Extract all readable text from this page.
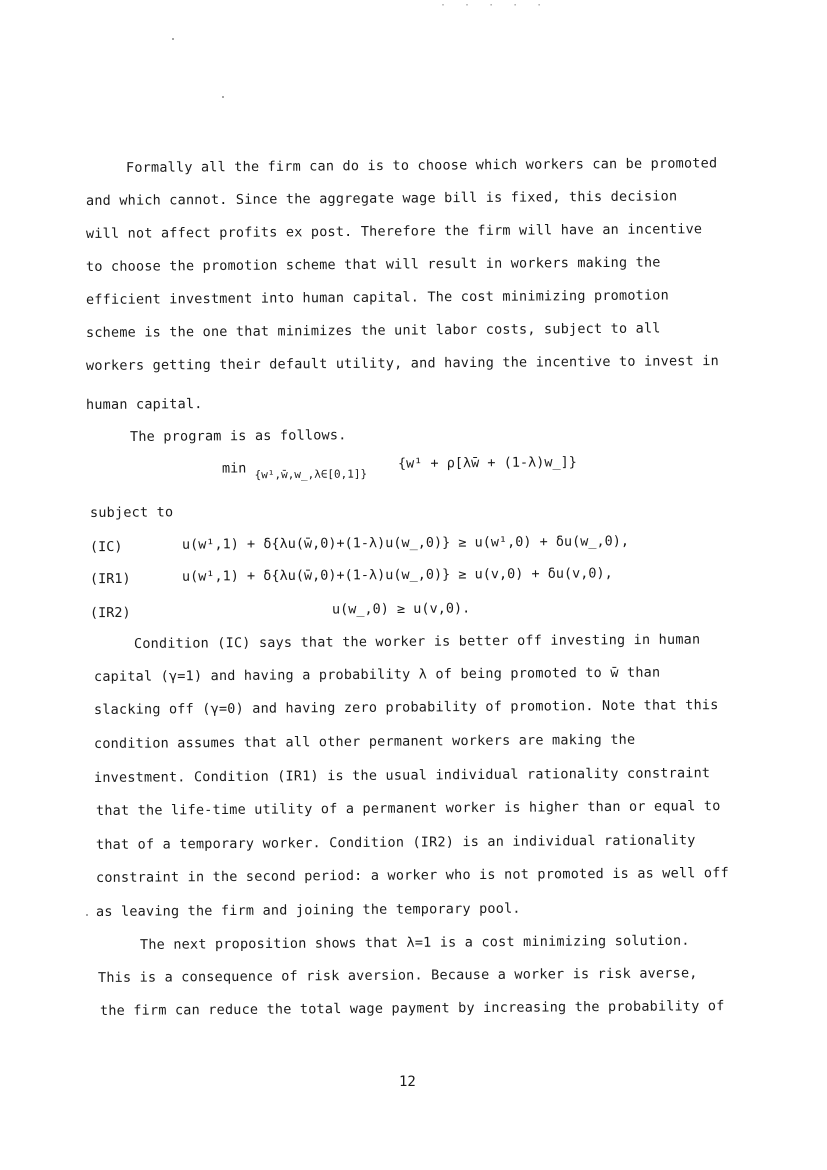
· · · · ·
Formally all the firm can do is to choose which workers can be promoted
and which cannot. Since the aggregate wage bill is fixed, this decision
will not affect profits ex post. Therefore the firm will have an incentive
to choose the promotion scheme that will result in workers making the
efficient investment into human capital. The cost minimizing promotion
scheme is the one that minimizes the unit labor costs, subject to all
workers getting their default utility, and having the incentive to invest in
human capital.
The program is as follows.
min $_{\{w^1,w̄,w̲,\lambda\in[0,1]\}}$
{w¹ + ρ[λw̄ + (1-λ)w̲]}
subject to
(IC)	u(w¹,1) + δ{λu(w̄,0)+(1-λ)u(w̲,0)} ≥ u(w¹,0) + δu(w̲,0),
(IR1)	u(w¹,1) + δ{λu(w̄,0)+(1-λ)u(w̲,0)} ≥ u(v,0) + δu(v,0),
(IR2)	u(w̲,0) ≥ u(v,0).
Condition (IC) says that the worker is better off investing in human
capital (γ=1) and having a probability λ of being promoted to w̄ than
slacking off (γ=0) and having zero probability of promotion. Note that this
condition assumes that all other permanent workers are making the
investment. Condition (IR1) is the usual individual rationality constraint
that the life-time utility of a permanent worker is higher than or equal to
that of a temporary worker. Condition (IR2) is an individual rationality
constraint in the second period: a worker who is not promoted is as well off
as leaving the firm and joining the temporary pool.
The next proposition shows that λ=1 is a cost minimizing solution.
This is a consequence of risk aversion. Because a worker is risk averse,
the firm can reduce the total wage payment by increasing the probability of
12
